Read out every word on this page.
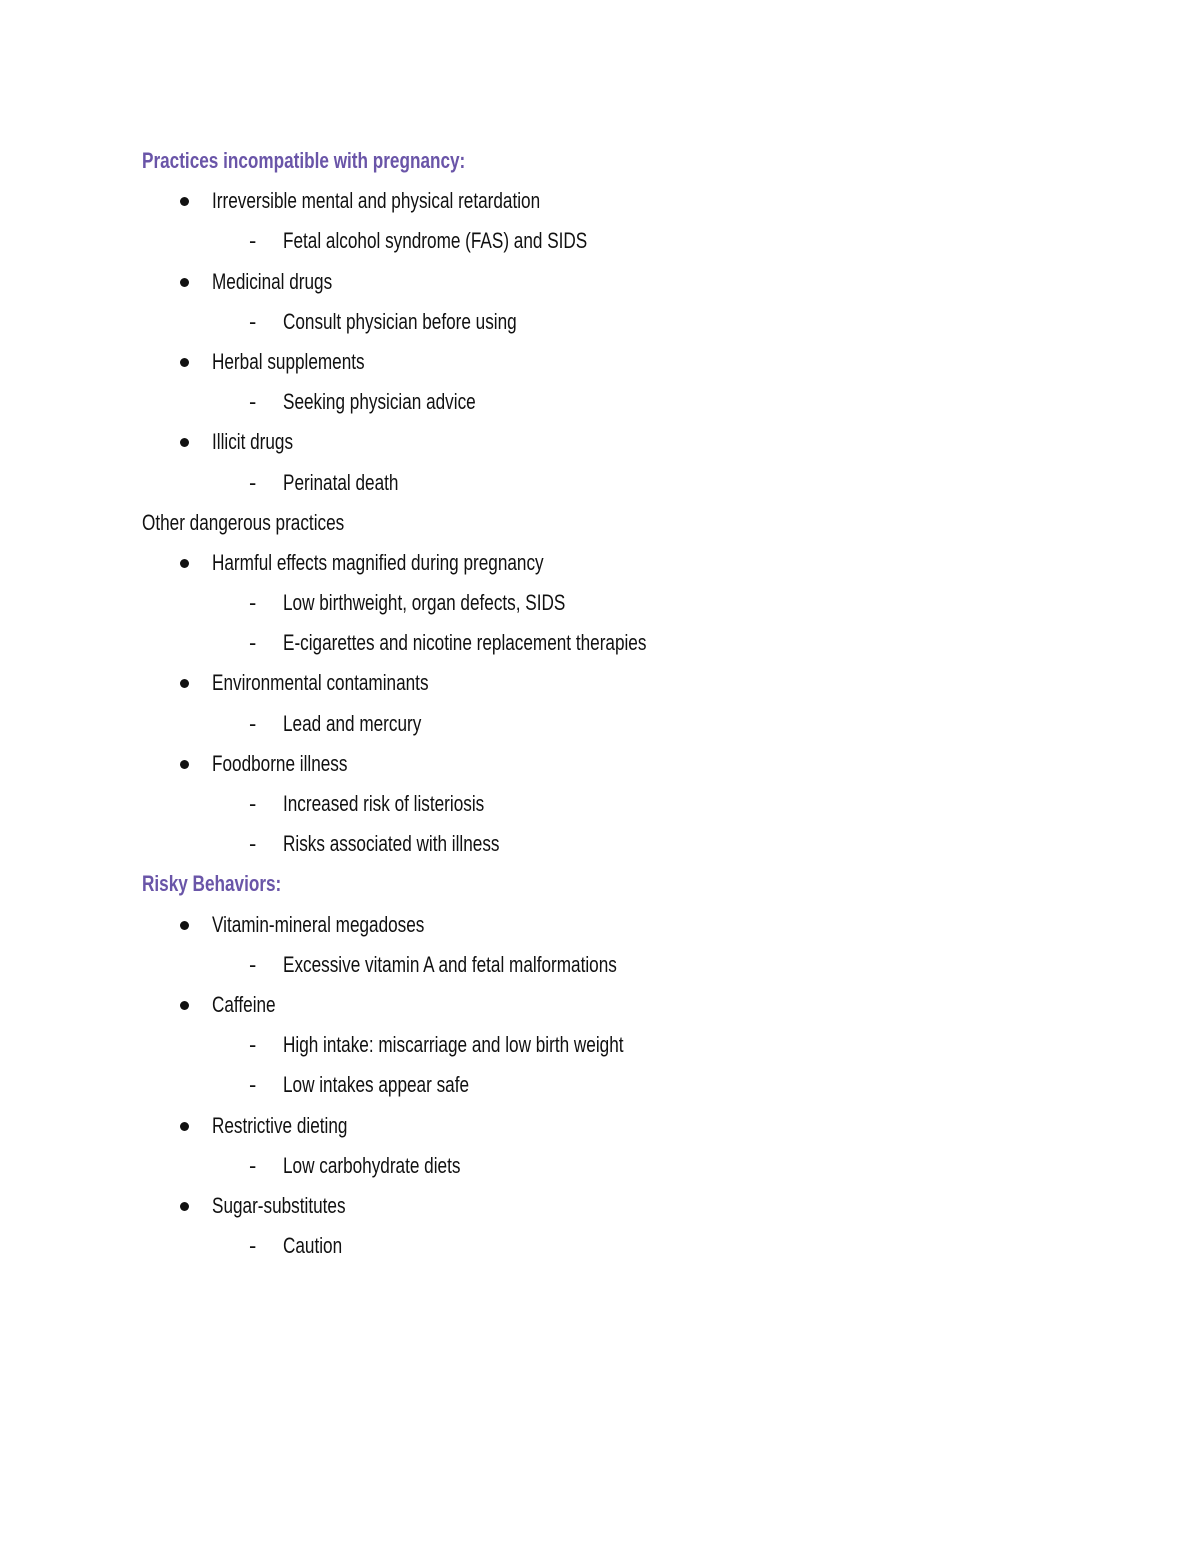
Practices incompatible with pregnancy:
Irreversible mental and physical retardation
- Fetal alcohol syndrome (FAS) and SIDS
Medicinal drugs
- Consult physician before using
Herbal supplements
- Seeking physician advice
Illicit drugs
- Perinatal death
Other dangerous practices
Harmful effects magnified during pregnancy
- Low birthweight, organ defects, SIDS
- E-cigarettes and nicotine replacement therapies
Environmental contaminants
- Lead and mercury
Foodborne illness
- Increased risk of listeriosis
- Risks associated with illness
Risky Behaviors:
Vitamin-mineral megadoses
- Excessive vitamin A and fetal malformations
Caffeine
- High intake: miscarriage and low birth weight
- Low intakes appear safe
Restrictive dieting
- Low carbohydrate diets
Sugar-substitutes
- Caution
